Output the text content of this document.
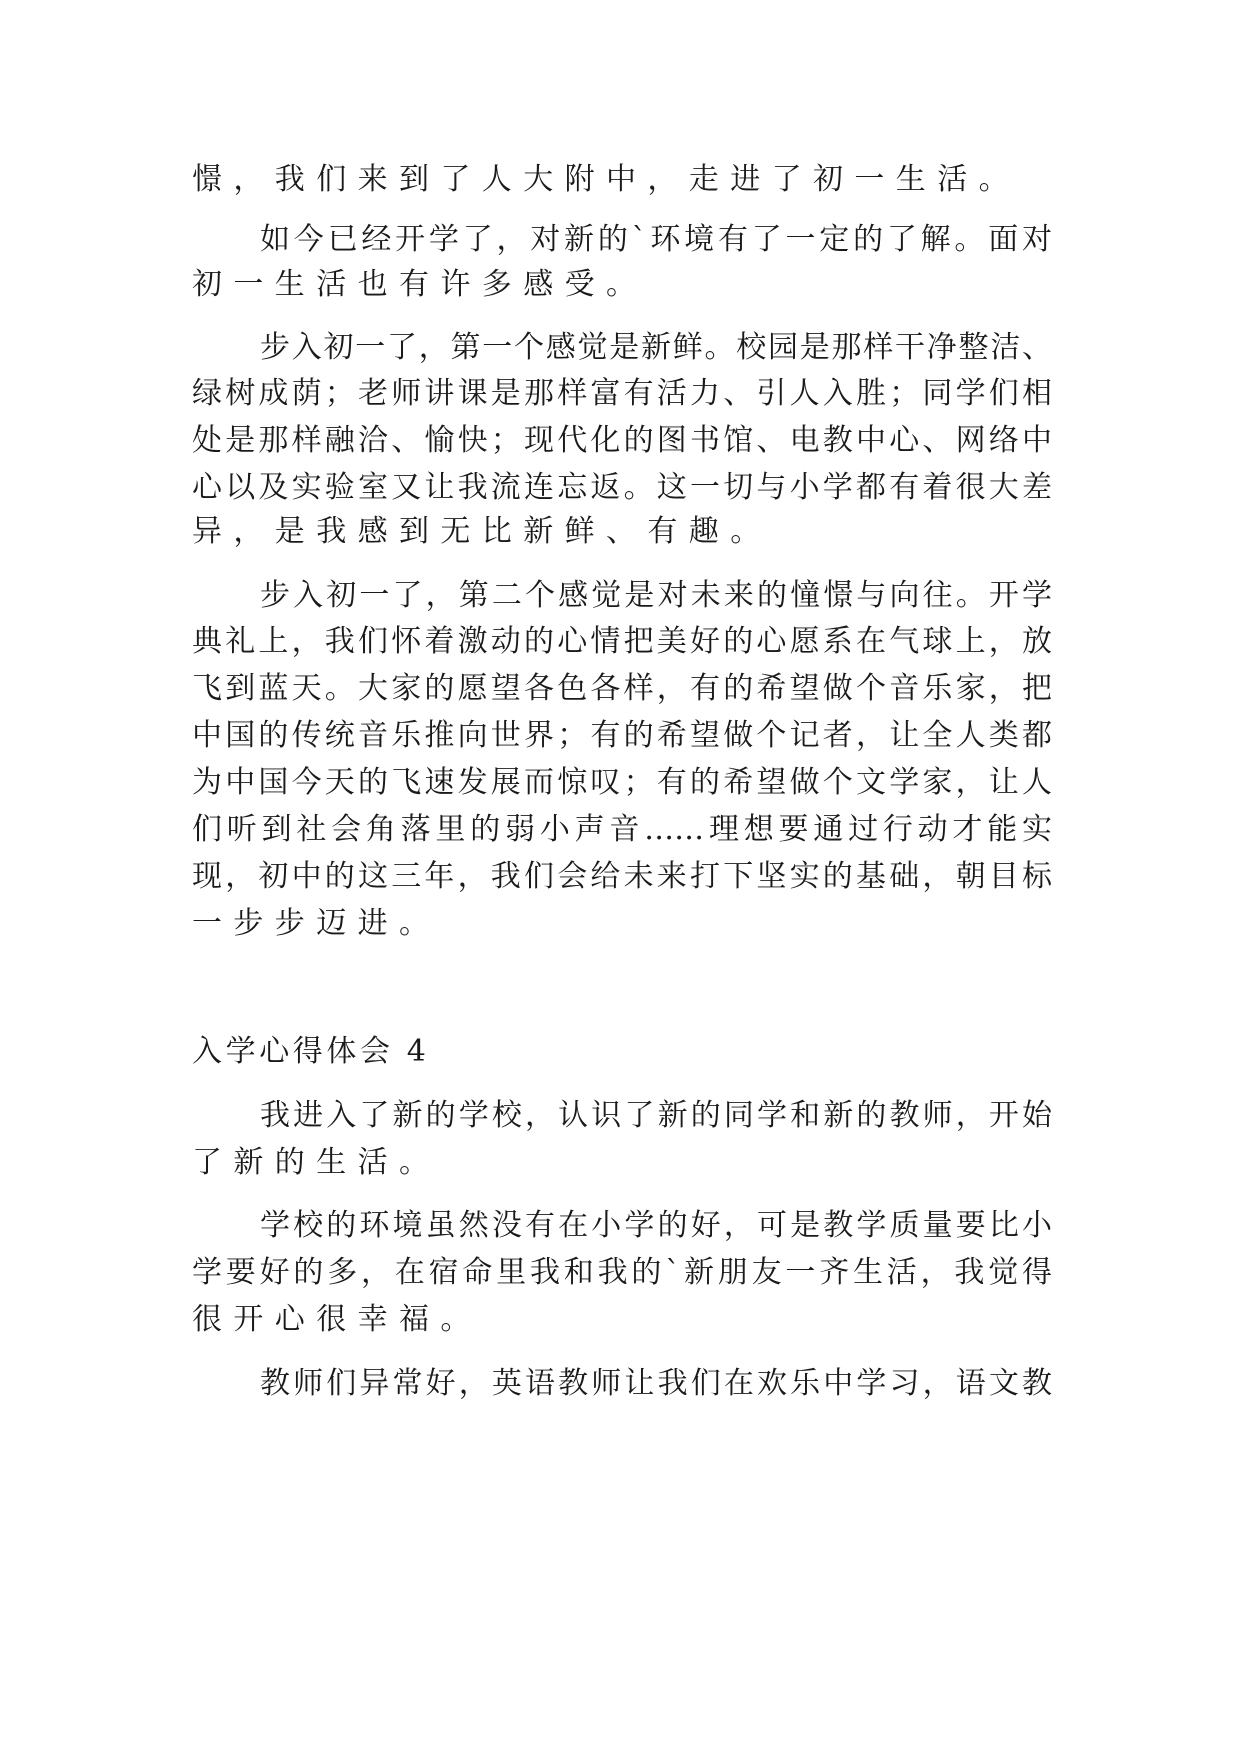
憬，我们来到了人大附中，走进了初一生活。
如今已经开学了，对新的`环境有了一定的了解。面对
初一生活也有许多感受。
步入初一了，第一个感觉是新鲜。校园是那样干净整洁、
绿树成荫；老师讲课是那样富有活力、引人入胜；同学们相
处是那样融洽、愉快；现代化的图书馆、电教中心、网络中
心以及实验室又让我流连忘返。这一切与小学都有着很大差
异，是我感到无比新鲜、有趣。
步入初一了，第二个感觉是对未来的憧憬与向往。开学
典礼上，我们怀着激动的心情把美好的心愿系在气球上，放
飞到蓝天。大家的愿望各色各样，有的希望做个音乐家，把
中国的传统音乐推向世界；有的希望做个记者，让全人类都
为中国今天的飞速发展而惊叹；有的希望做个文学家，让人
们听到社会角落里的弱小声音……理想要通过行动才能实
现，初中的这三年，我们会给未来打下坚实的基础，朝目标
一步步迈进。
入学心得体会 4
我进入了新的学校，认识了新的同学和新的教师，开始
了新的生活。
学校的环境虽然没有在小学的好，可是教学质量要比小
学要好的多，在宿命里我和我的`新朋友一齐生活，我觉得
很开心很幸福。
教师们异常好，英语教师让我们在欢乐中学习，语文教
